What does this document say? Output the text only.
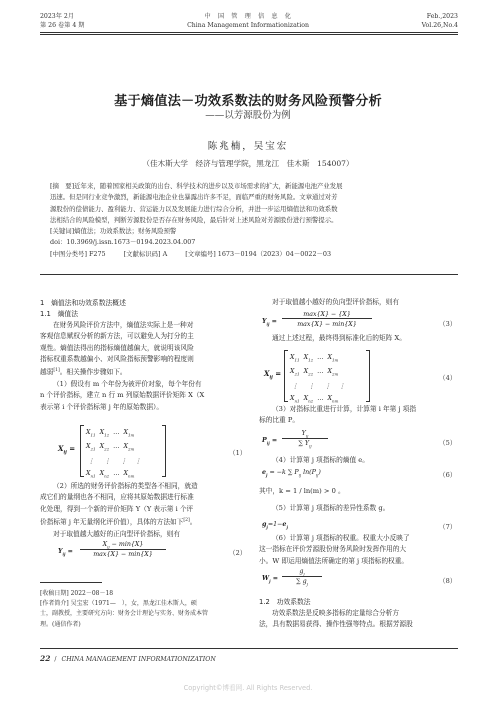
2023年 2月
第 26 卷第 4 期
中　国　管　理　信　息　化
China Management Informationization
Feb.,2023
Vol.26,No.4
基于熵值法－功效系数法的财务风险预警分析
——以芳源股份为例
陈兆楠，吴宝宏
（佳木斯大学　经济与管理学院，黑龙江　佳木斯　154007）
[摘　要]近年来，随着国家相关政策的出台、科学技术的进步以及市场需求的扩大，新能源电池产业发展
迅速。但是同行业竞争激烈，新能源电池企业也暴露出许多不足，面临严重的财务风险。文章通过对芳
源股份的偿债能力、盈利能力、营运能力以及发展能力进行综合分析，并进一步运用熵值法和功效系数
法相结合的风险模型，判断芳源股份是否存在财务风险，最后针对上述风险对芳源股份进行预警提示。
[关键词]熵值法；功效系数法；财务风险预警
doi：10.3969/j.issn.1673－0194.2023.04.007
[中图分类号] F275	[文献标识码] A	[文章编号] 1673－0194（2023）04－0022－03
1　熵值法和功效系数法概述
1.1　熵值法
在财务风险评价方法中，熵值法实际上是一种对
客观信息赋权分析的新方法，可以避免人为打分的主
观性。熵值法得出的指标熵值越偏大，就说明该风险
指标权重系数越偏小、对风险指标预警影响的程度则
越弱[1]。相关操作步骤如下。
（1）假设有 m 个年份为被评价对象，每个年份有
n 个评价指标，建立 n 行 m 列原始数据评价矩阵 X（X
表示第 i 个评价指标第 j 年的原始数据）。
$X_{ij}$ =
$X_{11}$  $X_{12}$  …  $X_{1m}$
$X_{21}$  $X_{22}$  …  $X_{2m}$
⋮     ⋮     ⋮    ⋮
$X_{n1}$  $X_{n2}$  …  $X_{nm}$
（1）
（2）所选的财务评价指标的类型各不相同，就造
成它们的量纲也各不相同，应将其原始数据进行标准
化处理，得到一个新的评价矩阵 Y（Y 表示第 i 个评
价指标第 j 年无量纲化评价值），具体的方法如下[2]。
对于取值越大越好的正向型评价指标，则有
$Y_{ij}$ =
$X_{ij} - \min\{X\}$
max{X} − min{X}	（2）
[收稿日期] 2022－08－18
[作者简介] 吴宝宏（1971—　），女，黑龙江佳木斯人，硕
士，副教授，主要研究方向：财务会计理论与实务、财务成本管
理。(通信作者)
对于取值越小越好的负向型评价指标，则有
$Y_{ij}$ =
max{X} − {X}
max{X} − min{X}	（3）
通过上述过程，最终得到标准化后的矩阵 X。
$X_{ij}$ =
$X_{11}$  $X_{12}$  …  $X_{1m}$
$X_{21}$  $X_{22}$  …  $X_{2m}$
⋮     ⋮     ⋮    ⋮
$X_{n1}$  $X_{n2}$  …  $X_{nm}$
（4）
（3）对指标比重进行计算，计算第 i 年第 j 项指
标的比重 P。
$P_{ij}$ =
$Y_{ij}$
∑ $Y_{ij}$	（5）
（4）计算第 j 项指标的熵值 e。
$e_j = -k$ ∑ $P_{ij}$ $\ln(P_{ij})$	（6）
其中，k = 1 / ln(m) > 0 。
（5）计算第 j 项指标的差异性系数 g。
$g_j=1-e_j$	（7）
（6）计算第 j 项指标的权重。权重大小反映了
这一指标在评价芳源股份财务风险时发挥作用的大
小。W 即运用熵值法所确定的第 j 项指标的权重。
$W_j$ =
$g_j$
∑ $g_j$	（8）
1.2　功效系数法
功效系数法是反映多指标的定量综合分析方
法，具有数据易获得、操作性强等特点。根据芳源股
22 / CHINA MANAGEMENT INFORMATIONIZATION
Copyright©博看网. All Rights Reserved.
